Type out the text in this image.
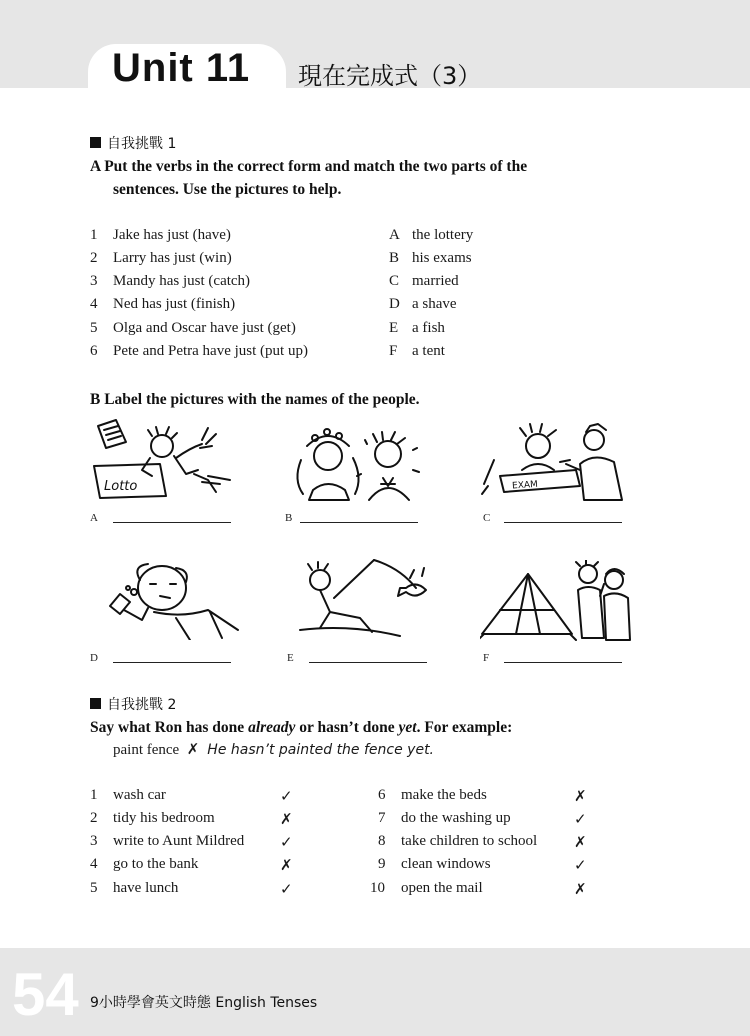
Unit 11 現在完成式（3）
自我挑戰 1
A Put the verbs in the correct form and match the two parts of the
sentences. Use the pictures to help.
1	Jake has just (have)
2	Larry has just (win)
3	Mandy has just (catch)
4	Ned has just (finish)
5	Olga and Oscar have just (get)
6	Pete and Petra have just (put up)
A the lottery
B his exams
C married
D a shave
E a fish
F a tent
B Label the pictures with the names of the people.
Lotto
A	B
EXAM
C
D	E	F
自我挑戰 2
Say what Ron has done already or hasn’t done yet. For example:
paint fence ✗ He hasn’t painted the fence yet.
1	wash car	✓
2	tidy his bedroom	✗
3	write to Aunt Mildred ✓
4	go to the bank	✗
5	have lunch	✓
6	make the beds	✗
7	do the washing up	✓
8	take children to school ✗
9	clean windows	✓
10	open the mail	✗
54 9小時學會英文時態 English Tenses
